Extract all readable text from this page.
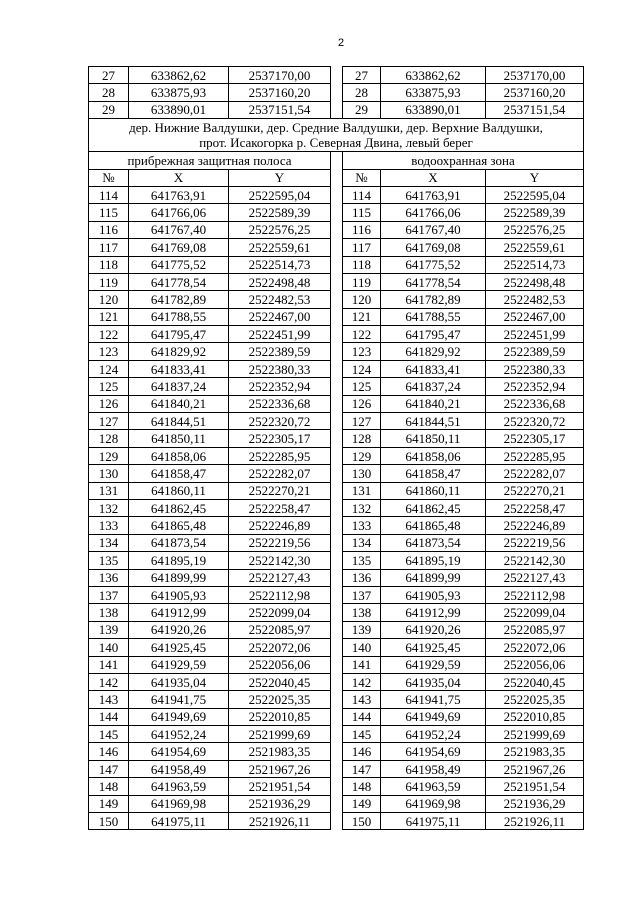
2
27	633862,62	2537170,00		27	633862,62	2537170,00
28	633875,93	2537160,20		28	633875,93	2537160,20
29	633890,01	2537151,54		29	633890,01	2537151,54

дер. Нижние Валдушки, дер. Средние Валдушки, дер. Верхние Валдушки,
прот. Исакогорка р. Северная Двина, левый берег						

прибрежная защитная полоса				водоохранная зона		
№	X	Y		№	X	Y
114	641763,91	2522595,04		114	641763,91	2522595,04
115	641766,06	2522589,39		115	641766,06	2522589,39
116	641767,40	2522576,25		116	641767,40	2522576,25
117	641769,08	2522559,61		117	641769,08	2522559,61
118	641775,52	2522514,73		118	641775,52	2522514,73
119	641778,54	2522498,48		119	641778,54	2522498,48
120	641782,89	2522482,53		120	641782,89	2522482,53
121	641788,55	2522467,00		121	641788,55	2522467,00
122	641795,47	2522451,99		122	641795,47	2522451,99
123	641829,92	2522389,59		123	641829,92	2522389,59
124	641833,41	2522380,33		124	641833,41	2522380,33
125	641837,24	2522352,94		125	641837,24	2522352,94
126	641840,21	2522336,68		126	641840,21	2522336,68
127	641844,51	2522320,72		127	641844,51	2522320,72
128	641850,11	2522305,17		128	641850,11	2522305,17
129	641858,06	2522285,95		129	641858,06	2522285,95
130	641858,47	2522282,07		130	641858,47	2522282,07
131	641860,11	2522270,21		131	641860,11	2522270,21
132	641862,45	2522258,47		132	641862,45	2522258,47
133	641865,48	2522246,89		133	641865,48	2522246,89
134	641873,54	2522219,56		134	641873,54	2522219,56
135	641895,19	2522142,30		135	641895,19	2522142,30
136	641899,99	2522127,43		136	641899,99	2522127,43
137	641905,93	2522112,98		137	641905,93	2522112,98
138	641912,99	2522099,04		138	641912,99	2522099,04
139	641920,26	2522085,97		139	641920,26	2522085,97
140	641925,45	2522072,06		140	641925,45	2522072,06
141	641929,59	2522056,06		141	641929,59	2522056,06
142	641935,04	2522040,45		142	641935,04	2522040,45
143	641941,75	2522025,35		143	641941,75	2522025,35
144	641949,69	2522010,85		144	641949,69	2522010,85
145	641952,24	2521999,69		145	641952,24	2521999,69
146	641954,69	2521983,35		146	641954,69	2521983,35
147	641958,49	2521967,26		147	641958,49	2521967,26
148	641963,59	2521951,54		148	641963,59	2521951,54
149	641969,98	2521936,29		149	641969,98	2521936,29
150	641975,11	2521926,11		150	641975,11	2521926,11
